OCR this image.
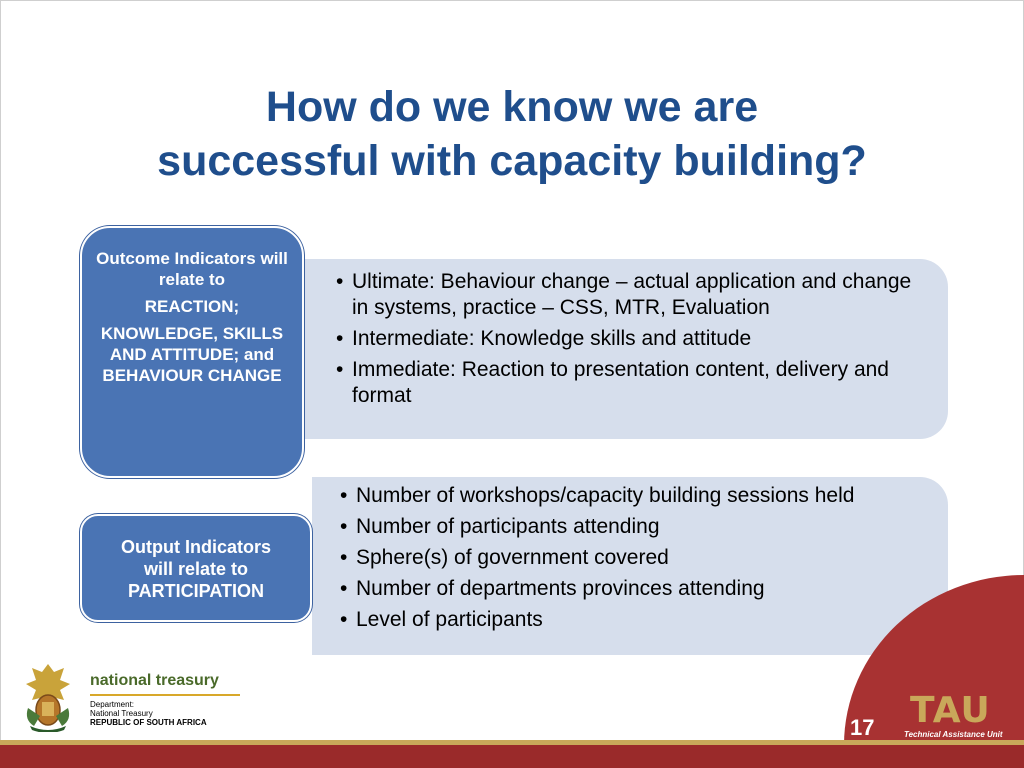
How do we know we are
successful with capacity building?
• Ultimate: Behaviour change – actual application and change in systems, practice – CSS, MTR, Evaluation
• Intermediate: Knowledge skills and attitude
• Immediate: Reaction to presentation content, delivery and format
Outcome Indicators will relate to
REACTION;
KNOWLEDGE, SKILLS AND ATTITUDE; and BEHAVIOUR CHANGE
• Number of workshops/capacity building sessions held
• Number of participants attending
• Sphere(s) of government covered
• Number of departments provinces attending
• Level of participants
Output Indicators
will relate to
PARTICIPATION
national treasury
Department:
National Treasury
REPUBLIC OF SOUTH AFRICA	17 TAU
Technical Assistance Unit
